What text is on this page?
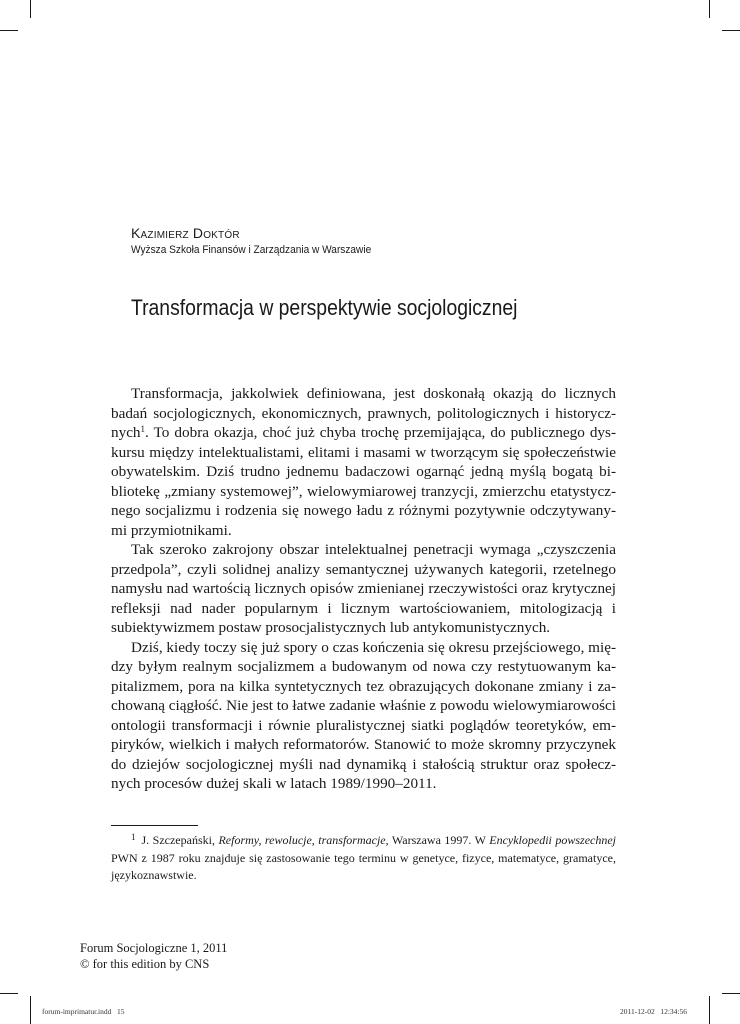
Kazimierz Doktór
Wyższa Szkoła Finansów i Zarządzania w Warszawie
Transformacja w perspektywie socjologicznej

Transformacja, jakkolwiek definiowana, jest doskonałą okazją do licznych badań socjologicznych, ekonomicznych, prawnych, politologicznych i historycznych$^1$. To dobra okazja, choć już chyba trochę przemijająca, do publicznego dyskursu między intelektualistami, elitami i masami w tworzącym się społeczeństwie obywatelskim. Dziś trudno jednemu badaczowi ogarnąć jedną myślą bogatą bibliotekę „zmiany systemowej”, wielowymiarowej tranzycji, zmierzchu etatystycznego socjalizmu i rodzenia się nowego ładu z różnymi pozytywnie odczytywanymi przymiotnikami.

Tak szeroko zakrojony obszar intelektualnej penetracji wymaga „czyszczenia przedpola”, czyli solidnej analizy semantycznej używanych kategorii, rzetelnego namysłu nad wartością licznych opisów zmienianej rzeczywistości oraz krytycznej refleksji nad nader popularnym i licznym wartościowaniem, mitologizacją i subiektywizmem postaw prosocjalistycznych lub antykomunistycznych.

Dziś, kiedy toczy się już spory o czas kończenia się okresu przejściowego, między byłym realnym socjalizmem a budowanym od nowa czy restytuowanym kapitalizmem, pora na kilka syntetycznych tez obrazujących dokonane zmiany i zachowaną ciągłość. Nie jest to łatwe zadanie właśnie z powodu wielowymiarowości ontologii transformacji i równie pluralistycznej siatki poglądów teoretyków, empiryków, wielkich i małych reformatorów. Stanowić to może skromny przyczynek do dziejów socjologicznej myśli nad dynamiką i stałością struktur oraz społecznych procesów dużej skali w latach 1989/1990–2011.

$^1$ J. Szczepański, Reformy, rewolucje, transformacje, Warszawa 1997. W Encyklopedii powszechnej PWN z 1987 roku znajduje się zastosowanie tego terminu w genetyce, fizyce, matematyce, gramatyce, językoznawstwie.
Forum Socjologiczne 1, 2011
© for this edition by CNS
forum-imprimatur.indd   15	2011-12-02   12:34:56
